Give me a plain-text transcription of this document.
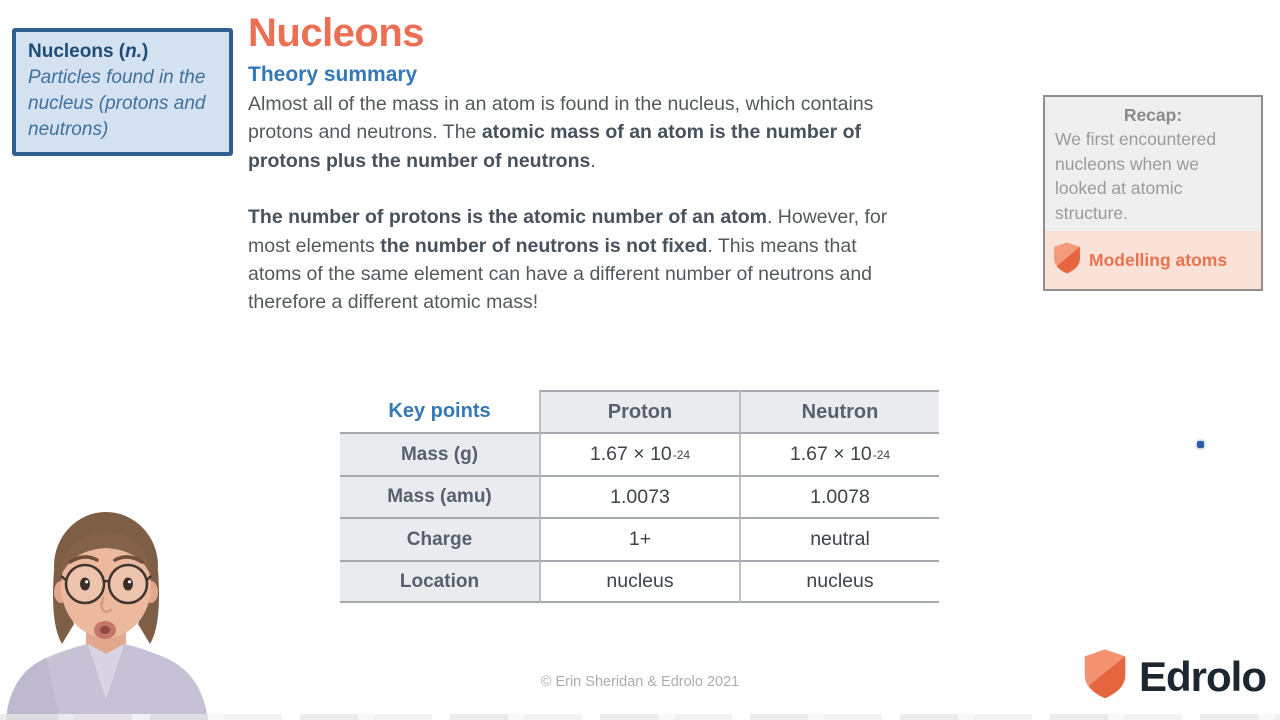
Nucleons (n.)
Particles found in the nucleus (protons and neutrons)
Nucleons
Theory summary
Almost all of the mass in an atom is found in the nucleus, which contains
protons and neutrons. The atomic mass of an atom is the number of
protons plus the number of neutrons.
The number of protons is the atomic number of an atom. However, for
most elements the number of neutrons is not fixed. This means that
atoms of the same element can have a different number of neutrons and
therefore a different atomic mass!
Recap:
We first encountered nucleons when we looked at atomic structure.
Modelling atoms
Key points	Proton	Neutron
Mass (g)	1.67 × 10 -24	1.67 × 10 -24
Mass (amu)	1.0073	1.0078
Charge	1+	neutral
Location	nucleus	nucleus
© Erin Sheridan & Edrolo 2021	Edrolo
